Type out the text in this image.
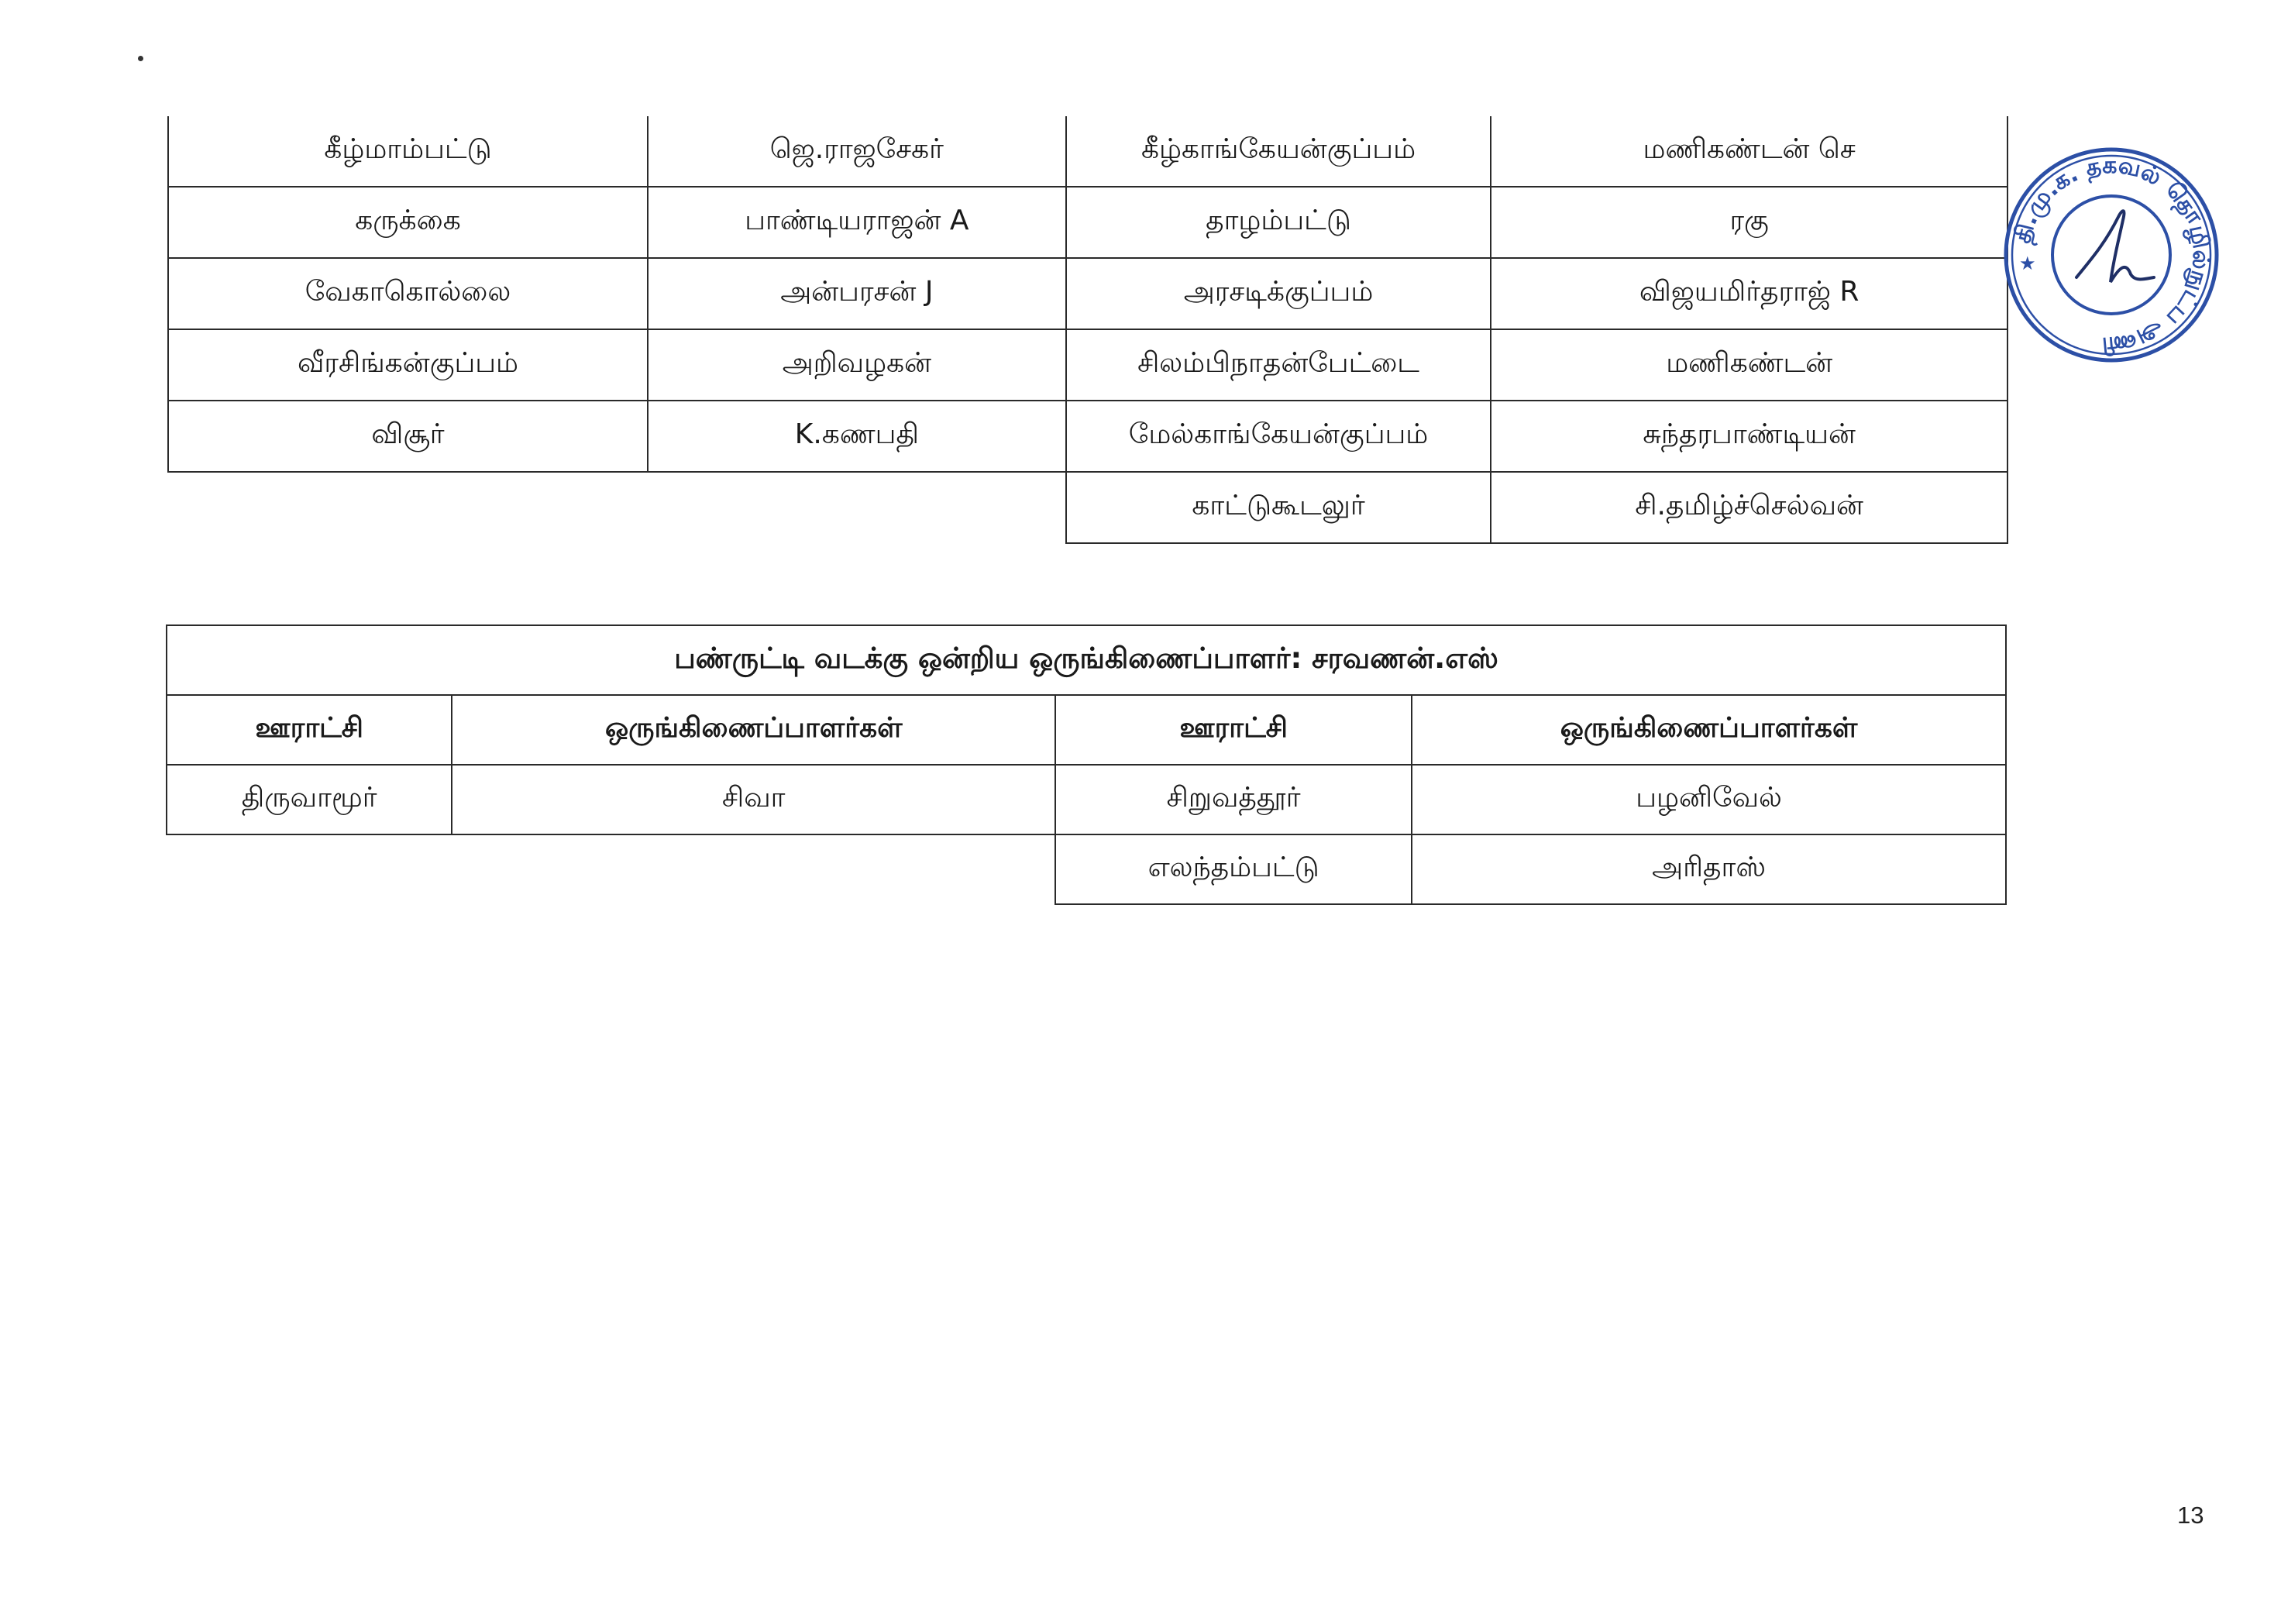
கீழ்மாம்பட்டு	ஜெ.ராஜசேகர்	கீழ்காங்கேயன்குப்பம்	மணிகண்டன் செ
கருக்கை	பாண்டியராஜன் A	தாழம்பட்டு	ரகு
வேகாகொல்லை	அன்பரசன் J	அரசடிக்குப்பம்	விஜயமிர்தராஜ் R
வீரசிங்கன்குப்பம்	அறிவழகன்	சிலம்பிநாதன்பேட்டை	மணிகண்டன்
விசூர்	K.கணபதி	மேல்காங்கேயன்குப்பம்	சுந்தரபாண்டியன்
		காட்டுகூடலுர்	சி.தமிழ்ச்செல்வன்
தி.மு.க. தகவல் தொழில்நுட்ப அணி
★
பண்ருட்டி வடக்கு ஒன்றிய ஒருங்கிணைப்பாளர்: சரவணன்.எஸ்			
ஊராட்சி	ஒருங்கிணைப்பாளர்கள்	ஊராட்சி	ஒருங்கிணைப்பாளர்கள்
திருவாமூர்	சிவா	சிறுவத்தூர்	பழனிவேல்
		எலந்தம்பட்டு	அரிதாஸ்
13
